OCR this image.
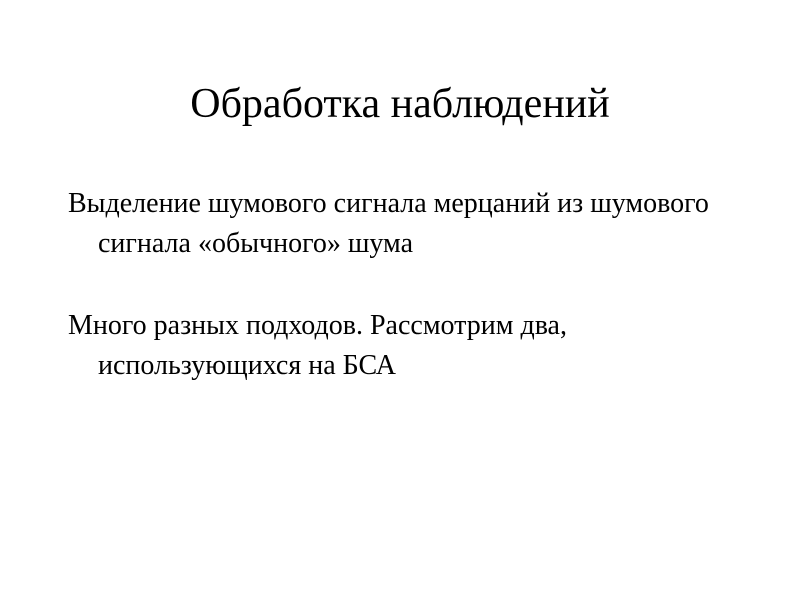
Обработка наблюдений

Выделение шумового сигнала мерцаний из шумового сигнала «обычного» шума

Много разных подходов. Рассмотрим два, использующихся на БСА
